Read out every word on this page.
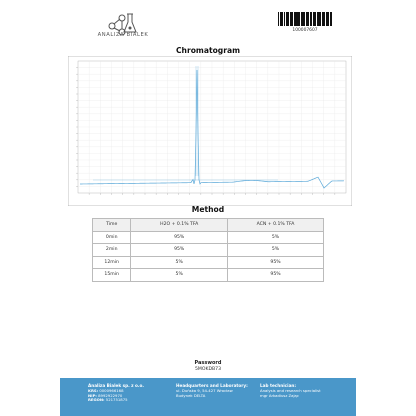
ANALIZA BIALEK
100007607
Chromatogram
Method
Time	H2O + 0.1% TFA	ACN + 0.1% TFA
0min	95%	5%
2min	95%	5%
12min	5%	95%
15min	5%	95%
Password
5MOKDB73
Analiza Bialek sp. z o.o.
KRS: 0000966168
NIP: 8992922970
REGON: 521751875
Headquarters and Laboratory:
ul. Duńska 9, 54-427 Wrocław
Budynek DELTA
Lab technician:
Analysis and research specialist
mgr Arkadiusz Zając
